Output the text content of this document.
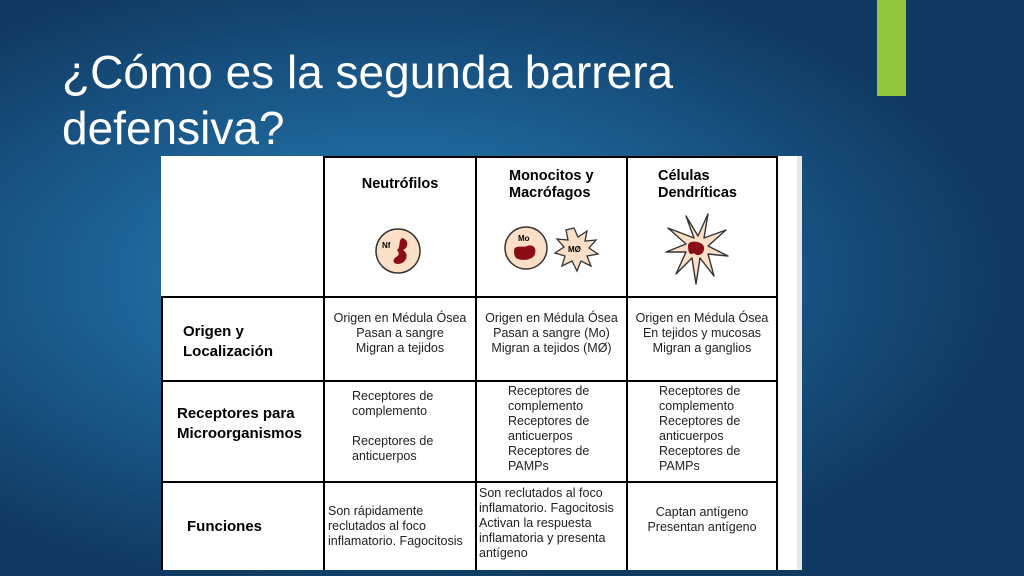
¿Cómo es la segunda barrera
defensiva?
Neutrófilos	Monocitos y
Macrófagos
Células
Dendríticas
Nf
Mo
MØ
Origen y
Localización
Receptores para
Microorganismos
Funciones
Origen en Médula Ósea
Pasan a sangre
Migran a tejidos
Origen en Médula Ósea
Pasan a sangre (Mo)
Migran a tejidos (MØ)
Origen en Médula Ósea
En tejidos y mucosas
Migran a ganglios
Receptores de
complemento

Receptores de
anticuerpos
Receptores de
complemento
Receptores de
anticuerpos
Receptores de
PAMPs
Receptores de
complemento
Receptores de
anticuerpos
Receptores de
PAMPs
Son rápidamente
reclutados al foco
inflamatorio. Fagocitosis
Son reclutados al foco
inflamatorio. Fagocitosis
Activan la respuesta
inflamatoria y presenta
antígeno
Captan antígeno
Presentan antígeno
